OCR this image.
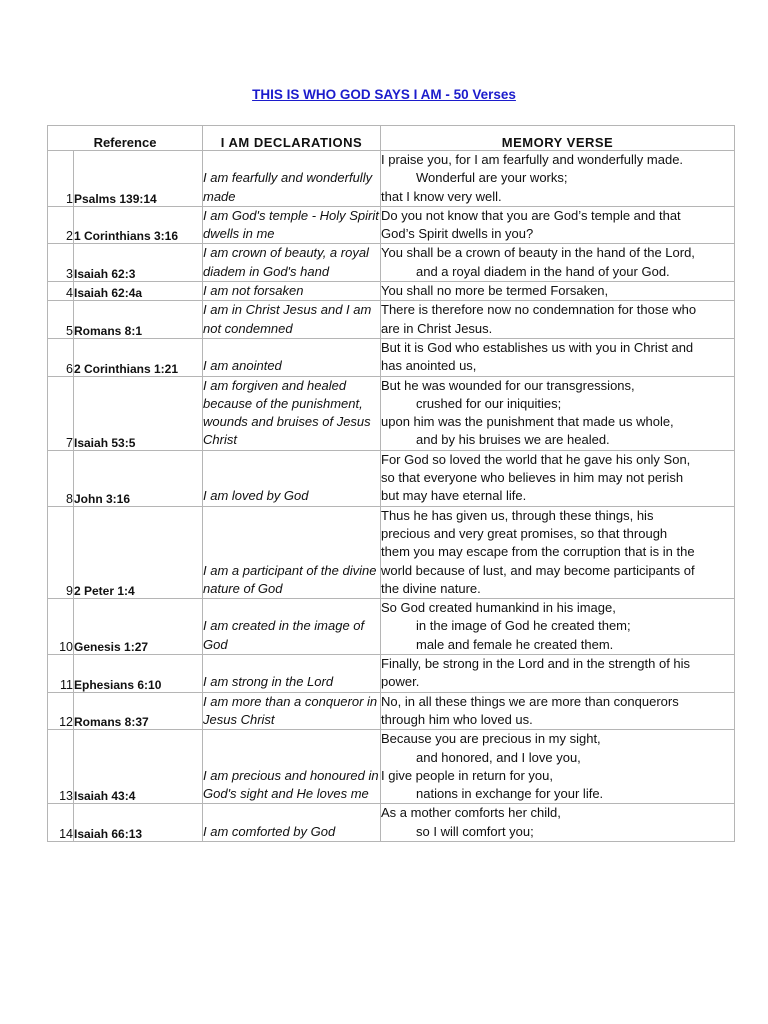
THIS IS WHO GOD SAYS I AM - 50 Verses
Reference		I AM DECLARATIONS	MEMORY VERSE
1	Psalms 139:14	I am fearfully and wonderfully made	I praise you, for I am fearfully and wonderfully made.
Wonderful are your works;
that I know very well.

2	1 Corinthians 3:16	I am God's temple - Holy Spirit dwells in me	Do you not know that you are God’s temple and that
God’s Spirit dwells in you?

3	Isaiah 62:3	I am crown of beauty, a royal diadem in God's hand	You shall be a crown of beauty in the hand of the Lord,
and a royal diadem in the hand of your God.

4	Isaiah 62:4a	I am not forsaken	You shall no more be termed Forsaken,

5	Romans 8:1	I am in Christ Jesus and I am not condemned	There is therefore now no condemnation for those who
are in Christ Jesus.

6	2 Corinthians 1:21	I am anointed	But it is God who establishes us with you in Christ and
has anointed us,

7	Isaiah 53:5	I am forgiven and healed because of the punishment, wounds and bruises of Jesus Christ	But he was wounded for our transgressions,
crushed for our iniquities;
upon him was the punishment that made us whole,
and by his bruises we are healed.

8	John 3:16	I am loved by God	For God so loved the world that he gave his only Son,
so that everyone who believes in him may not perish
but may have eternal life.

9	2 Peter 1:4	I am a participant of the divine nature of God	Thus he has given us, through these things, his
precious and very great promises, so that through
them you may escape from the corruption that is in the
world because of lust, and may become participants of
the divine nature.

10	Genesis 1:27	I am created in the image of God	So God created humankind in his image,
in the image of God he created them;
male and female he created them.

11	Ephesians 6:10	I am strong in the Lord	Finally, be strong in the Lord and in the strength of his
power.

12	Romans 8:37	I am more than a conqueror in Jesus Christ	No, in all these things we are more than conquerors
through him who loved us.

13	Isaiah 43:4	I am precious and honoured in God's sight and He loves me	Because you are precious in my sight,
and honored, and I love you,
I give people in return for you,
nations in exchange for your life.

14	Isaiah 66:13	I am comforted by God	As a mother comforts her child,
so I will comfort you;
